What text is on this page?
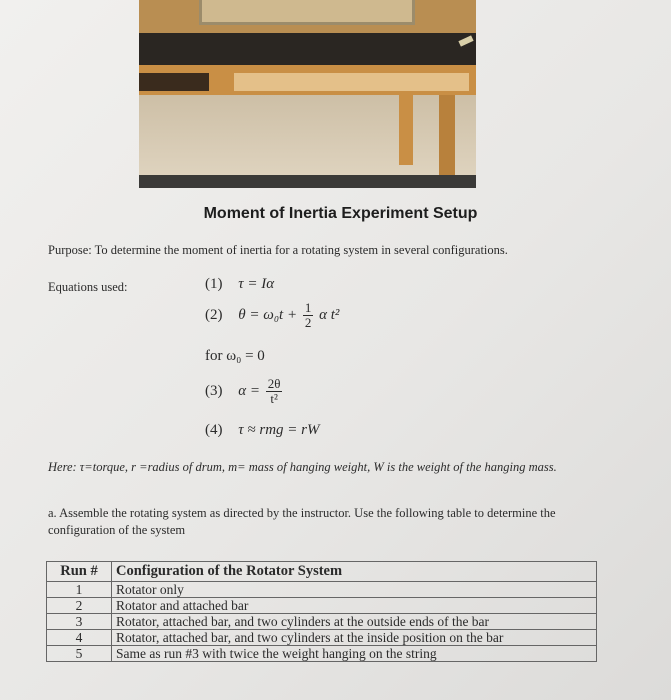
Moment of Inertia Experiment Setup
Purpose: To determine the moment of inertia for a rotating system in several configurations.
Equations used:	(1) τ = Iα
(2) $\theta = \omega_0t + \frac{1}{2}$ α t²
for ω₀ = 0
(3) $\alpha = \frac{2\theta}{\text{t²}}$
(4) τ ≈ rmg = rW
Here: τ=torque, r =radius of drum, m= mass of hanging weight, W is the weight of the hanging mass.
a. Assemble the rotating system as directed by the instructor. Use the following table to determine the configuration of the system
Run #	Configuration of the Rotator System
1	Rotator only
2	Rotator and attached bar
3	Rotator, attached bar, and two cylinders at the outside ends of the bar
4	Rotator, attached bar, and two cylinders at the inside position on the bar
5	Same as run #3 with twice the weight hanging on the string
